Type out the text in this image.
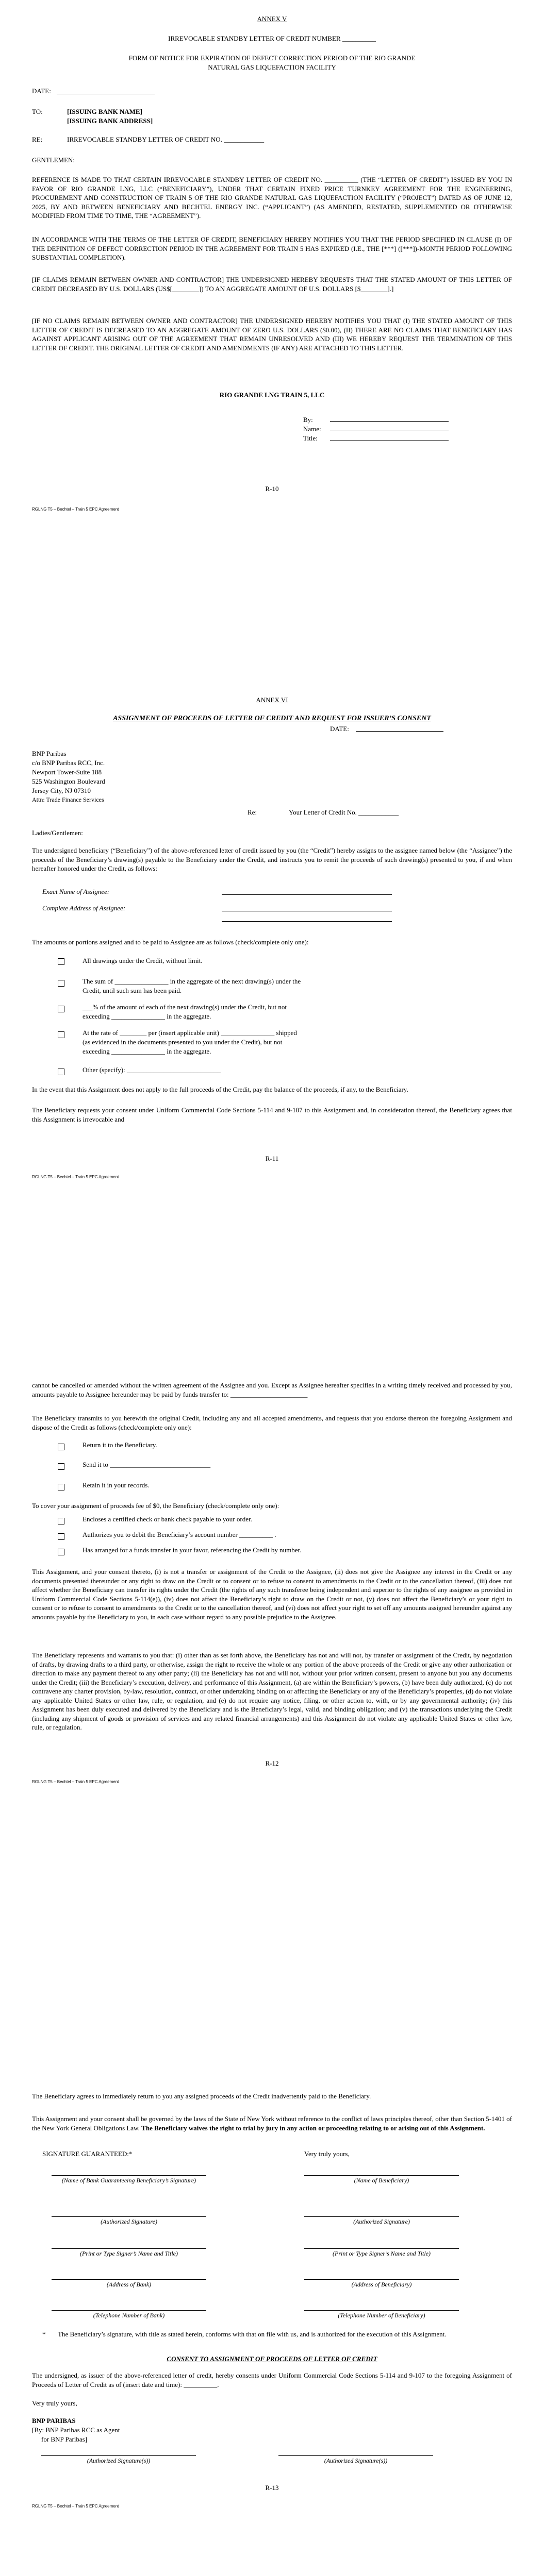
ANNEX V
IRREVOCABLE STANDBY LETTER OF CREDIT NUMBER __________
FORM OF NOTICE FOR EXPIRATION OF DEFECT CORRECTION PERIOD OF THE RIO GRANDE NATURAL GAS LIQUEFACTION FACILITY
DATE:
TO:	[ISSUING BANK NAME]
[ISSUING BANK ADDRESS]
RE:	IRREVOCABLE STANDBY LETTER OF CREDIT NO. ____________
GENTLEMEN:

REFERENCE IS MADE TO THAT CERTAIN IRREVOCABLE STANDBY LETTER OF CREDIT NO. __________ (THE “LETTER OF CREDIT”) ISSUED BY YOU IN FAVOR OF RIO GRANDE LNG, LLC (“BENEFICIARY”), UNDER THAT CERTAIN FIXED PRICE TURNKEY AGREEMENT FOR THE ENGINEERING, PROCUREMENT AND CONSTRUCTION OF TRAIN 5 OF THE RIO GRANDE NATURAL GAS LIQUEFACTION FACILITY (“PROJECT”) DATED AS OF JUNE 12, 2025, BY AND BETWEEN BENEFICIARY AND BECHTEL ENERGY INC. (“APPLICANT”) (AS AMENDED, RESTATED, SUPPLEMENTED OR OTHERWISE MODIFIED FROM TIME TO TIME, THE “AGREEMENT”).

IN ACCORDANCE WITH THE TERMS OF THE LETTER OF CREDIT, BENEFICIARY HEREBY NOTIFIES YOU THAT THE PERIOD SPECIFIED IN CLAUSE (I) OF THE DEFINITION OF DEFECT CORRECTION PERIOD IN THE AGREEMENT FOR TRAIN 5 HAS EXPIRED (I.E., THE [***] ([***])-MONTH PERIOD FOLLOWING SUBSTANTIAL COMPLETION).

[IF CLAIMS REMAIN BETWEEN OWNER AND CONTRACTOR] THE UNDERSIGNED HEREBY REQUESTS THAT THE STATED AMOUNT OF THIS LETTER OF CREDIT DECREASED BY U.S. DOLLARS (US$[________]) TO AN AGGREGATE AMOUNT OF U.S. DOLLARS [$________].]

[IF NO CLAIMS REMAIN BETWEEN OWNER AND CONTRACTOR] THE UNDERSIGNED HEREBY NOTIFIES YOU THAT (I) THE STATED AMOUNT OF THIS LETTER OF CREDIT IS DECREASED TO AN AGGREGATE AMOUNT OF ZERO U.S. DOLLARS ($0.00), (II) THERE ARE NO CLAIMS THAT BENEFICIARY HAS AGAINST APPLICANT ARISING OUT OF THE AGREEMENT THAT REMAIN UNRESOLVED AND (III) WE HEREBY REQUEST THE TERMINATION OF THIS LETTER OF CREDIT. THE ORIGINAL LETTER OF CREDIT AND AMENDMENTS (IF ANY) ARE ATTACHED TO THIS LETTER.

RIO GRANDE LNG TRAIN 5, LLC
By:
Name:
Title:
R-10
RGLNG T5 – Bechtel – Train 5 EPC Agreement
ANNEX VI
ASSIGNMENT OF PROCEEDS OF LETTER OF CREDIT AND REQUEST FOR ISSUER’S CONSENT
DATE:
BNP Paribas
c/o BNP Paribas RCC, Inc.
Newport Tower-Suite 188
525 Washington Boulevard
Jersey City, NJ 07310
Attn: Trade Finance Services
Re:	Your Letter of Credit No. ____________
Ladies/Gentlemen:

The undersigned beneficiary (“Beneficiary”) of the above-referenced letter of credit issued by you (the “Credit”) hereby assigns to the assignee named below (the “Assignee”) the proceeds of the Beneficiary’s drawing(s) payable to the Beneficiary under the Credit, and instructs you to remit the proceeds of such drawing(s) presented to you, if and when hereafter honored under the Credit, as follows:

Exact Name of Assignee:
Complete Address of Assignee:

The amounts or portions assigned and to be paid to Assignee are as follows (check/complete only one):

All drawings under the Credit, without limit.
The sum of ________________ in the aggregate of the next drawing(s) under the
Credit, until such sum has been paid.
___% of the amount of each of the next drawing(s) under the Credit, but not
exceeding ________________ in the aggregate.
At the rate of ________ per (insert applicable unit) ________________ shipped
(as evidenced in the documents presented to you under the Credit), but not
exceeding ________________ in the aggregate.
Other (specify): ____________________________

In the event that this Assignment does not apply to the full proceeds of the Credit, pay the balance of the proceeds, if any, to the Beneficiary.

The Beneficiary requests your consent under Uniform Commercial Code Sections 5-114 and 9-107 to this Assignment and, in consideration thereof, the Beneficiary agrees that this Assignment is irrevocable and

R-11
RGLNG T5 – Bechtel – Train 5 EPC Agreement

cannot be cancelled or amended without the written agreement of the Assignee and you. Except as Assignee hereafter specifies in a writing timely received and processed by you, amounts payable to Assignee hereunder may be paid by funds transfer to: _______________________

The Beneficiary transmits to you herewith the original Credit, including any and all accepted amendments, and requests that you endorse thereon the foregoing Assignment and dispose of the Credit as follows (check/complete only one):

Return it to the Beneficiary.
Send it to ______________________________
Retain it in your records.

To cover your assignment of proceeds fee of $0, the Beneficiary (check/complete only one):

Encloses a certified check or bank check payable to your order.
Authorizes you to debit the Beneficiary’s account number __________ .
Has arranged for a funds transfer in your favor, referencing the Credit by number.

This Assignment, and your consent thereto, (i) is not a transfer or assignment of the Credit to the Assignee, (ii) does not give the Assignee any interest in the Credit or any documents presented thereunder or any right to draw on the Credit or to consent or to refuse to consent to amendments to the Credit or to the cancellation thereof, (iii) does not affect whether the Beneficiary can transfer its rights under the Credit (the rights of any such transferee being independent and superior to the rights of any assignee as provided in Uniform Commercial Code Sections 5-114(e)), (iv) does not affect the Beneficiary’s right to draw on the Credit or not, (v) does not affect the Beneficiary’s or your right to consent or to refuse to consent to amendments to the Credit or to the cancellation thereof, and (vi) does not affect your right to set off any amounts assigned hereunder against any amounts payable by the Beneficiary to you, in each case without regard to any possible prejudice to the Assignee.

The Beneficiary represents and warrants to you that: (i) other than as set forth above, the Beneficiary has not and will not, by transfer or assignment of the Credit, by negotiation of drafts, by drawing drafts to a third party, or otherwise, assign the right to receive the whole or any portion of the above proceeds of the Credit or give any other authorization or direction to make any payment thereof to any other party; (ii) the Beneficiary has not and will not, without your prior written consent, present to anyone but you any documents under the Credit; (iii) the Beneficiary’s execution, delivery, and performance of this Assignment, (a) are within the Beneficiary’s powers, (b) have been duly authorized, (c) do not contravene any charter provision, by-law, resolution, contract, or other undertaking binding on or affecting the Beneficiary or any of the Beneficiary’s properties, (d) do not violate any applicable United States or other law, rule, or regulation, and (e) do not require any notice, filing, or other action to, with, or by any governmental authority; (iv) this Assignment has been duly executed and delivered by the Beneficiary and is the Beneficiary’s legal, valid, and binding obligation; and (v) the transactions underlying the Credit (including any shipment of goods or provision of services and any related financial arrangements) and this Assignment do not violate any applicable United States or other law, rule, or regulation.

R-12
RGLNG T5 – Bechtel – Train 5 EPC Agreement

The Beneficiary agrees to immediately return to you any assigned proceeds of the Credit inadvertently paid to the Beneficiary.

This Assignment and your consent shall be governed by the laws of the State of New York without reference to the conflict of laws principles thereof, other than Section 5-1401 of the New York General Obligations Law. The Beneficiary waives the right to trial by jury in any action or proceeding relating to or arising out of this Assignment.

SIGNATURE GUARANTEED:*	Very truly yours,
(Name of Bank Guaranteeing Beneficiary’s Signature)	(Name of Beneficiary)
(Authorized Signature)	(Authorized Signature)
(Print or Type Signer’s Name and Title)	(Print or Type Signer’s Name and Title)
(Address of Bank)	(Address of Beneficiary)
(Telephone Number of Bank)	(Telephone Number of Beneficiary)
* The Beneficiary’s signature, with title as stated herein, conforms with that on file with us, and is authorized for the execution of this Assignment.

CONSENT TO ASSIGNMENT OF PROCEEDS OF LETTER OF CREDIT

The undersigned, as issuer of the above-referenced letter of credit, hereby consents under Uniform Commercial Code Sections 5-114 and 9-107 to the foregoing Assignment of Proceeds of Letter of Credit as of (insert date and time): __________.

Very truly yours,
BNP PARIBAS
[By: BNP Paribas RCC as Agent
for BNP Paribas]
(Authorized Signature(s))	(Authorized Signature(s))
R-13
RGLNG T5 – Bechtel – Train 5 EPC Agreement
